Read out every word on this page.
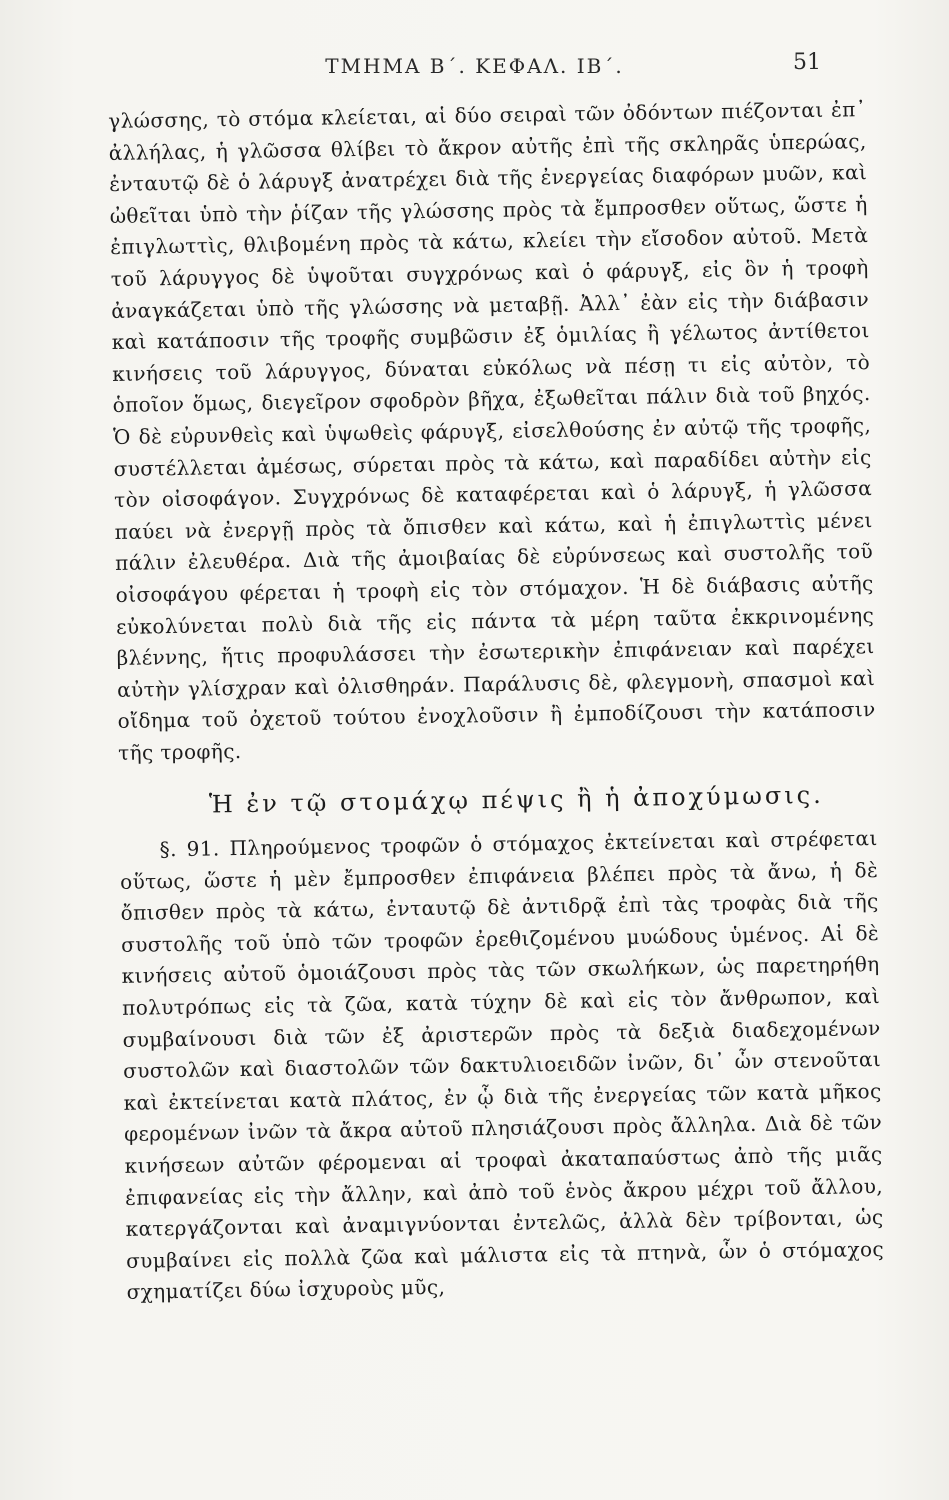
ΤΜΗΜΑ Β΄. ΚΕΦΑΛ. ΙΒ΄.	51

γλώσσης, τὸ στόμα κλείεται, αἱ δύο σειραὶ τῶν ὀδόντων πιέζονται ἐπ᾽ ἀλλήλας, ἡ γλῶσσα θλίβει τὸ ἄκρον αὐτῆς ἐπὶ τῆς σκληρᾶς ὑπερώας, ἐνταυτῷ δὲ ὁ λάρυγξ ἀνατρέχει διὰ τῆς ἐνεργείας διαφόρων μυῶν, καὶ ὠθεῖται ὑπὸ τὴν ῥίζαν τῆς γλώσσης πρὸς τὰ ἔμπροσθεν οὕτως, ὥστε ἡ ἐπιγλωττὶς, θλιβομένη πρὸς τὰ κάτω, κλείει τὴν εἴσοδον αὐτοῦ. Μετὰ τοῦ λάρυγγος δὲ ὑψοῦται συγχρόνως καὶ ὁ φάρυγξ, εἰς ὃν ἡ τροφὴ ἀναγκάζεται ὑπὸ τῆς γλώσσης νὰ μεταβῇ. Ἀλλ᾽ ἐὰν εἰς τὴν διάβασιν καὶ κατάποσιν τῆς τροφῆς συμβῶσιν ἐξ ὁμιλίας ἢ γέλωτος ἀντίθετοι κινήσεις τοῦ λάρυγγος, δύναται εὐκόλως νὰ πέσῃ τι εἰς αὐτὸν, τὸ ὁποῖον ὅμως, διεγεῖρον σφοδρὸν βῆχα, ἐξωθεῖται πάλιν διὰ τοῦ βηχός. Ὁ δὲ εὐρυνθεὶς καὶ ὑψωθεὶς φάρυγξ, εἰσελθούσης ἐν αὐτῷ τῆς τροφῆς, συστέλλεται ἀμέσως, σύρεται πρὸς τὰ κάτω, καὶ παραδίδει αὐτὴν εἰς τὸν οἰσοφάγον. Συγχρόνως δὲ καταφέρεται καὶ ὁ λάρυγξ, ἡ γλῶσσα παύει νὰ ἐνεργῇ πρὸς τὰ ὄπισθεν καὶ κάτω, καὶ ἡ ἐπιγλωττὶς μένει πάλιν ἐλευθέρα. Διὰ τῆς ἀμοιβαίας δὲ εὐρύνσεως καὶ συστολῆς τοῦ οἰσοφάγου φέρεται ἡ τροφὴ εἰς τὸν στόμαχον. Ἡ δὲ διάβασις αὐτῆς εὐκολύνεται πολὺ διὰ τῆς εἰς πάντα τὰ μέρη ταῦτα ἐκκρινομένης βλέννης, ἥτις προφυλάσσει τὴν ἐσωτερικὴν ἐπιφάνειαν καὶ παρέχει αὐτὴν γλίσχραν καὶ ὀλισθηράν. Παράλυσις δὲ, φλεγμονὴ, σπασμοὶ καὶ οἴδημα τοῦ ὀχετοῦ τούτου ἐνοχλοῦσιν ἢ ἐμποδίζουσι τὴν κατάποσιν τῆς τροφῆς.

Ἡ ἐν τῷ στομάχῳ πέψις ἢ ἡ ἀποχύμωσις.

§. 91. Πληρούμενος τροφῶν ὁ στόμαχος ἐκτείνεται καὶ στρέφεται οὕτως, ὥστε ἡ μὲν ἔμπροσθεν ἐπιφάνεια βλέπει πρὸς τὰ ἄνω, ἡ δὲ ὄπισθεν πρὸς τὰ κάτω, ἐνταυτῷ δὲ ἀντιδρᾷ ἐπὶ τὰς τροφὰς διὰ τῆς συστολῆς τοῦ ὑπὸ τῶν τροφῶν ἐρεθιζομένου μυώδους ὑμένος. Αἱ δὲ κινήσεις αὐτοῦ ὁμοιάζουσι πρὸς τὰς τῶν σκωλήκων, ὡς παρετηρήθη πολυτρόπως εἰς τὰ ζῶα, κατὰ τύχην δὲ καὶ εἰς τὸν ἄνθρωπον, καὶ συμβαίνουσι διὰ τῶν ἐξ ἀριστερῶν πρὸς τὰ δεξιὰ διαδεχομένων συστολῶν καὶ διαστολῶν τῶν δακτυλιοειδῶν ἰνῶν, δι᾽ ὧν στενοῦται καὶ ἐκτείνεται κατὰ πλάτος, ἐν ᾧ διὰ τῆς ἐνεργείας τῶν κατὰ μῆκος φερομένων ἰνῶν τὰ ἄκρα αὐτοῦ πλησιάζουσι πρὸς ἄλληλα. Διὰ δὲ τῶν κινήσεων αὐτῶν φέρομεναι αἱ τροφαὶ ἀκαταπαύστως ἀπὸ τῆς μιᾶς ἐπιφανείας εἰς τὴν ἄλλην, καὶ ἀπὸ τοῦ ἑνὸς ἄκρου μέχρι τοῦ ἄλλου, κατεργάζονται καὶ ἀναμιγνύονται ἐντελῶς, ἀλλὰ δὲν τρίβονται, ὡς συμβαίνει εἰς πολλὰ ζῶα καὶ μάλιστα εἰς τὰ πτηνὰ, ὧν ὁ στόμαχος σχηματίζει δύω ἰσχυροὺς μῦς,
